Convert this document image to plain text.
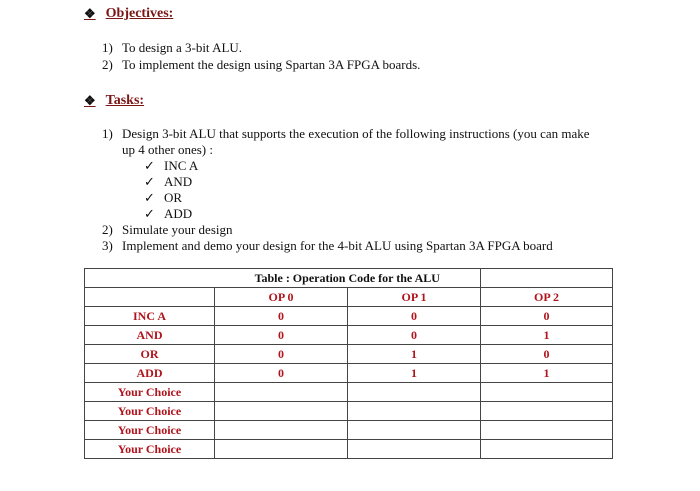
❖ Objectives:
1) To design a 3-bit ALU.
2) To implement the design using Spartan 3A FPGA boards.
❖ Tasks:
1) Design 3-bit ALU that supports the execution of the following instructions (you can make
up 4 other ones) :
✓ INC A
✓ AND
✓ OR
✓ ADD
2) Simulate your design
3) Implement and demo your design for the 4-bit ALU using Spartan 3A FPGA board
	Table : Operation Code for the ALU		
	OP 0	OP 1	OP 2
INC A	0	0	0
AND	0	0	1
OR	0	1	0
ADD	0	1	1
Your Choice			
Your Choice			
Your Choice			
Your Choice			
